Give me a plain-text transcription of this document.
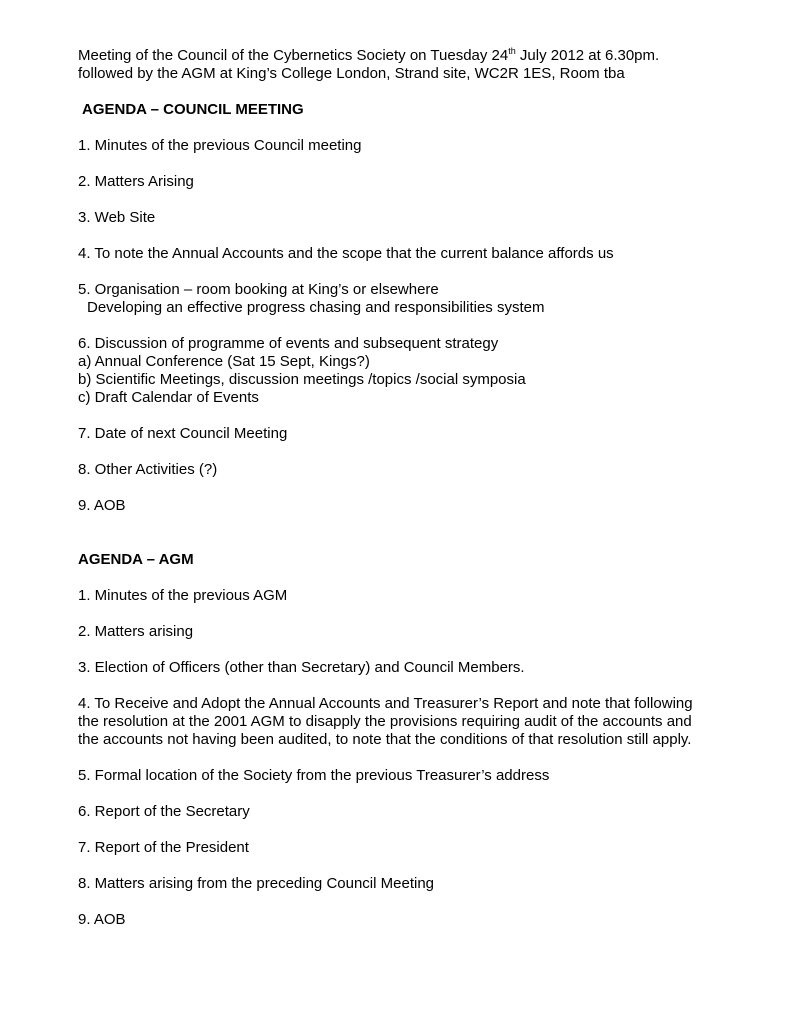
Meeting of the Council of the Cybernetics Society on Tuesday 24th July 2012 at 6.30pm.
followed by the AGM at King’s College London, Strand site, WC2R 1ES, Room tba
AGENDA – COUNCIL MEETING
1. Minutes of the previous Council meeting
2. Matters Arising
3. Web Site
4. To note the Annual Accounts and the scope that the current balance affords us
5. Organisation – room booking at King’s or elsewhere
Developing an effective progress chasing and responsibilities system
6. Discussion of programme of events and subsequent strategy
a) Annual Conference (Sat 15 Sept, Kings?)
b) Scientific Meetings, discussion meetings /topics /social symposia
c) Draft Calendar of Events
7. Date of next Council Meeting
8. Other Activities (?)
9. AOB
AGENDA – AGM
1. Minutes of the previous AGM
2. Matters arising
3. Election of Officers (other than Secretary) and Council Members.
4. To Receive and Adopt the Annual Accounts and Treasurer’s Report and note that following
the resolution at the 2001 AGM to disapply the provisions requiring audit of the accounts and
the accounts not having been audited, to note that the conditions of that resolution still apply.
5. Formal location of the Society from the previous Treasurer’s address
6. Report of the Secretary
7. Report of the President
8. Matters arising from the preceding Council Meeting
9. AOB
